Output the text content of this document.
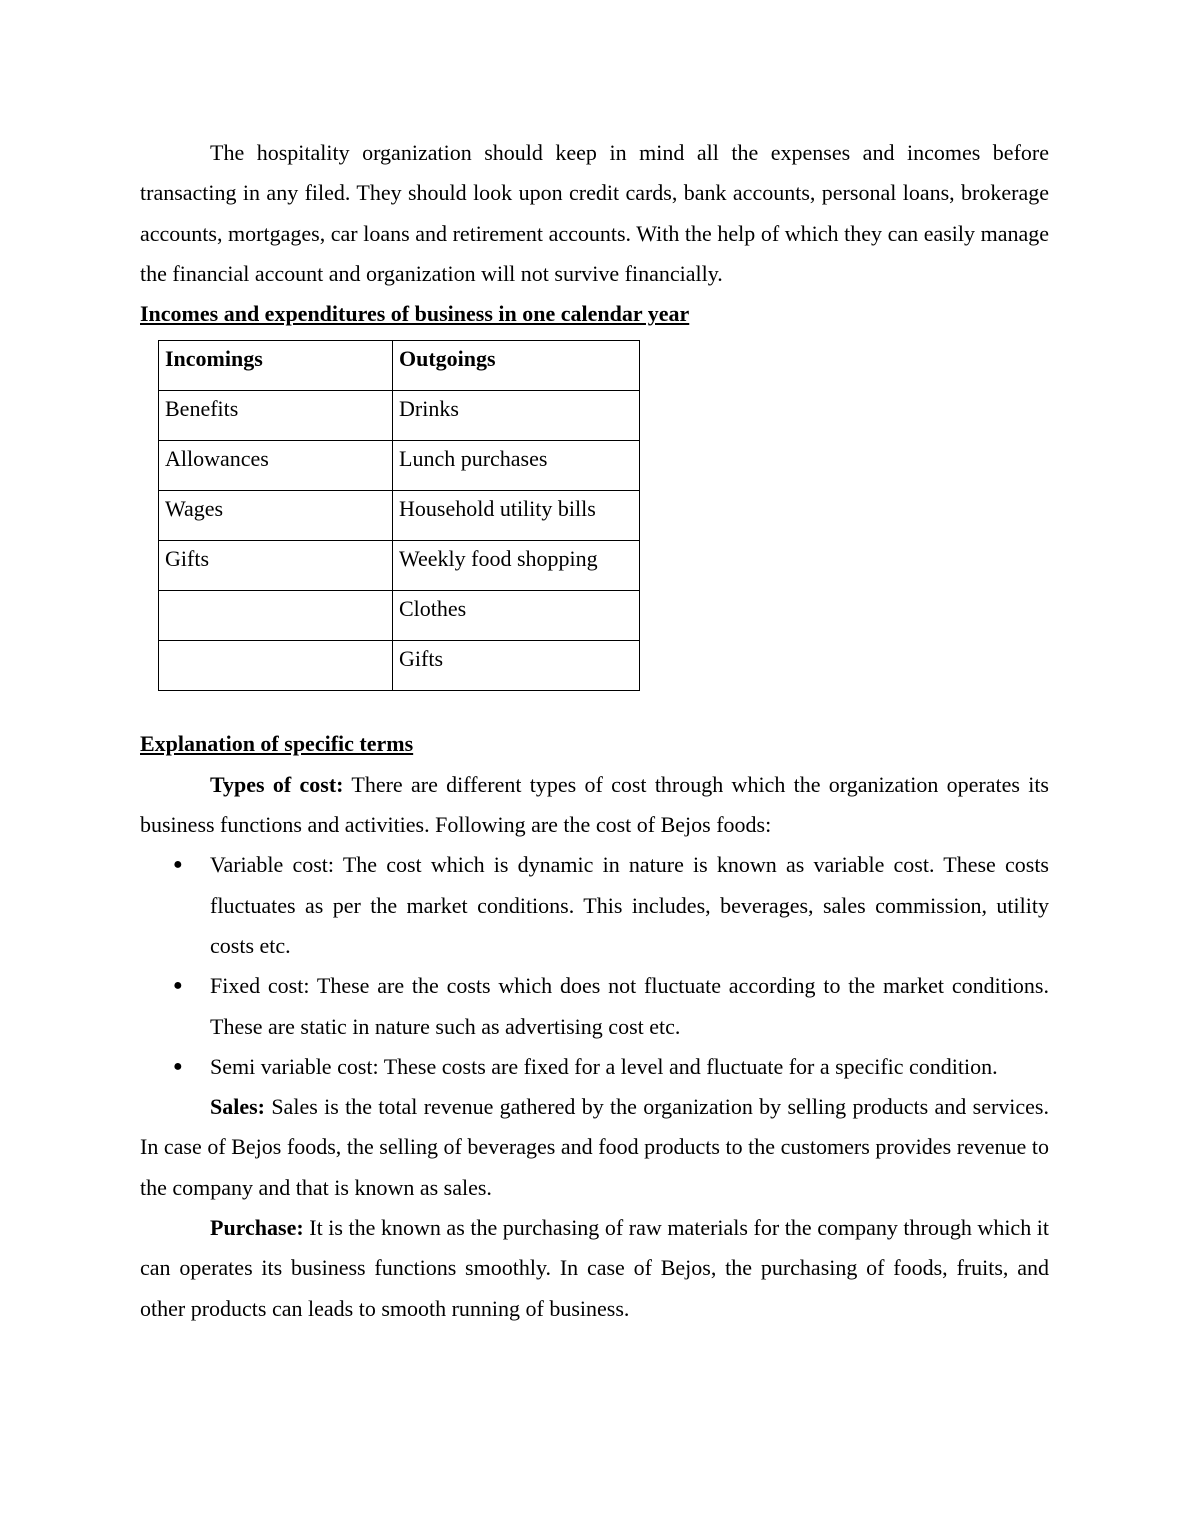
The hospitality organization should keep in mind all the expenses and incomes before transacting in any filed. They should look upon credit cards, bank accounts, personal loans, brokerage accounts, mortgages, car loans and retirement accounts. With the help of which they can easily manage the financial account and organization will not survive financially.

Incomes and expenditures of business in one calendar year

Incomings	Outgoings
Benefits	Drinks
Allowances	Lunch purchases
Wages	Household utility bills
Gifts	Weekly food shopping
	Clothes
	Gifts

Explanation of specific terms

Types of cost: There are different types of cost through which the organization operates its business functions and activities. Following are the cost of Bejos foods:

● Variable cost: The cost which is dynamic in nature is known as variable cost. These costs fluctuates as per the market conditions. This includes, beverages, sales commission, utility costs etc.
● Fixed cost: These are the costs which does not fluctuate according to the market conditions. These are static in nature such as advertising cost etc.
● Semi variable cost: These costs are fixed for a level and fluctuate for a specific condition.

Sales: Sales is the total revenue gathered by the organization by selling products and services. In case of Bejos foods, the selling of beverages and food products to the customers provides revenue to the company and that is known as sales.

Purchase: It is the known as the purchasing of raw materials for the company through which it can operates its business functions smoothly. In case of Bejos, the purchasing of foods, fruits, and other products can leads to smooth running of business.
